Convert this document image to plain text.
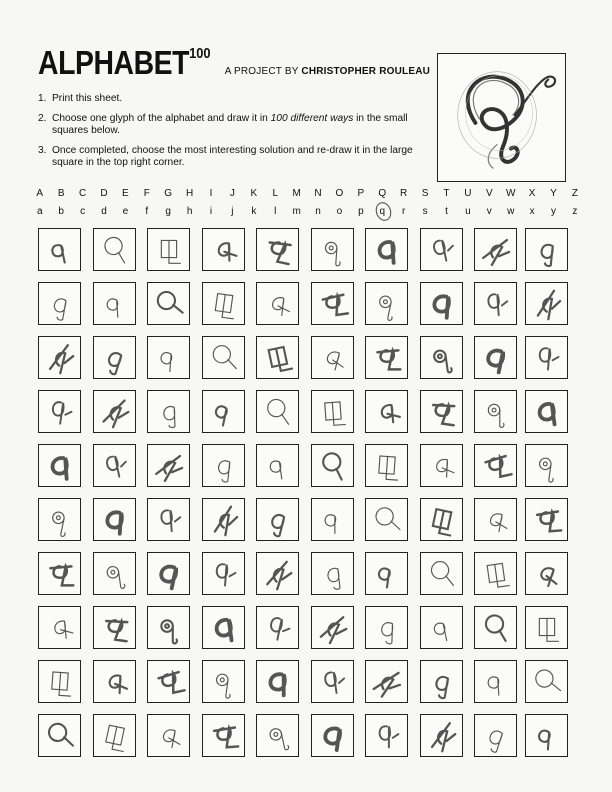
ALPHABET$^{100}$
A PROJECT BY CHRISTOPHER ROULEAU
1. Print this sheet.
2. Choose one glyph of the alphabet and draw it in 100 different ways in the small squares below.
3. Once completed, choose the most interesting solution and re-draw it in the large square in the top right corner.
A	B	C	D	E	F	G	H	I	J	K	L	M	N	O	P	Q	R	S	T	U	V	W	X	Y	Z
a	b	c	d	e	f	g	h	i	j	k	l	m	n	o	p	q	r	s	t	u	v	w	x	y	z
